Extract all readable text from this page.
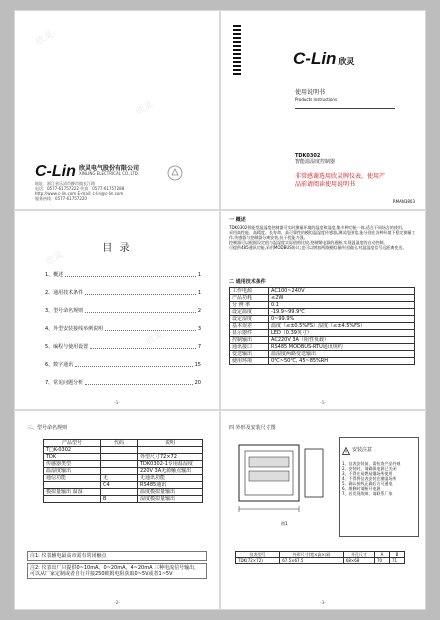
欣灵
欣灵
C-Lin 欣灵电气股份有限公司
XINLING ELECTRICAL CO.,LTD.
地址：浙江省乐清市柳市镇长江路
电话：0577-61757222 传真：0577-61757288
http://www.c-lin.com E-mail: c-lin@c-lin.com
服务热线：0577-61757220
C-Lin 欣灵
使用说明书
Products Instructions
TDK0302
智能温湿度控制器
非常感谢选用欣灵牌仪表，使用产
品前请阅读使用说明书
RMAN3803
欣灵
欣灵
目 录
1、概述	1
2、通用技术条件	1
3、型号命名规则	2
4、外型安装接线举例说明	3
5、编程与使用设置	7
6、数字通讯	15
7、常见问题分析	20
-1-
一 概述
TDK0302智能型温湿度控制器可实时测量环境的温度和湿度,集多种功能一体,适合不同场合的使用。
采用高性能、高精度、长寿命、高可靠性的模拟温湿度传感器,测试范围宽,能分别在各种环境下稳定测量工作,传感器与控制器分离安装,抗干扰能力强。
控制器可以根据设定值与温湿度实际值相比较,控制继电器的通断,实现温湿度的自动控制。
可提供485通讯功能,采用MODBUS协议;也可以增加两路模拟量传送输出,对温湿度信号远距离变送。
二 通用技术条件
工作电源	AC100~240V
产品功耗	≤2W
分 辨 率	0.1
设定温度	-19.9~99.9℃
设定湿度	0~99.9%
基本误差	温度（≤±0.5%FS）湿度（≤±4.5%FS）
显示器件	LED（0.39英寸）
控制输出	AC220V 3A（阻性负载）
通讯接口	RS485 MODBUS-RTU通讯规约
变送输出	温湿度两路变送输出
使用环境	0℃~50℃, 45~85%RH
-1-
三、型号命名规则
产品型号	代码	说明
T□K-0302		
TDK		外型尺寸72×72
传感器类型		TDK0302-1专用温湿度
温湿度输出		220V 3A无源触点输出
通信功能	无	无通讯功能
	C4	RS485通讯
模拟量输出 温湿		温度模拟量输出
	B	湿度模拟量输出
注1: 仪表辅电最高市需有常闭触点
注2: 仪表出厂只提供0~10mA、0~20mA、4~20mA 三种电流信号输出，可以从厂家定制或者自行并接250欧姆电阻获取0~5V或者1~5V
-2-
四 外形及安装尺寸图
图1
安装注意
1、仪表安装前，需检查产品外观
2、安装时，请确保电源已关闭
3、不得在易燃易爆场所使用
4、不得将仪表安装在潮湿场所
5、确认接线正确后方可通电
6、维修时请断开电源
7、若发现故障，请联系厂家
仪表型号	外形尺寸(宽×高×深)	开孔尺寸	A	B
TDK(72×72)	67.5×67.5	68×68	70	71
-3-
